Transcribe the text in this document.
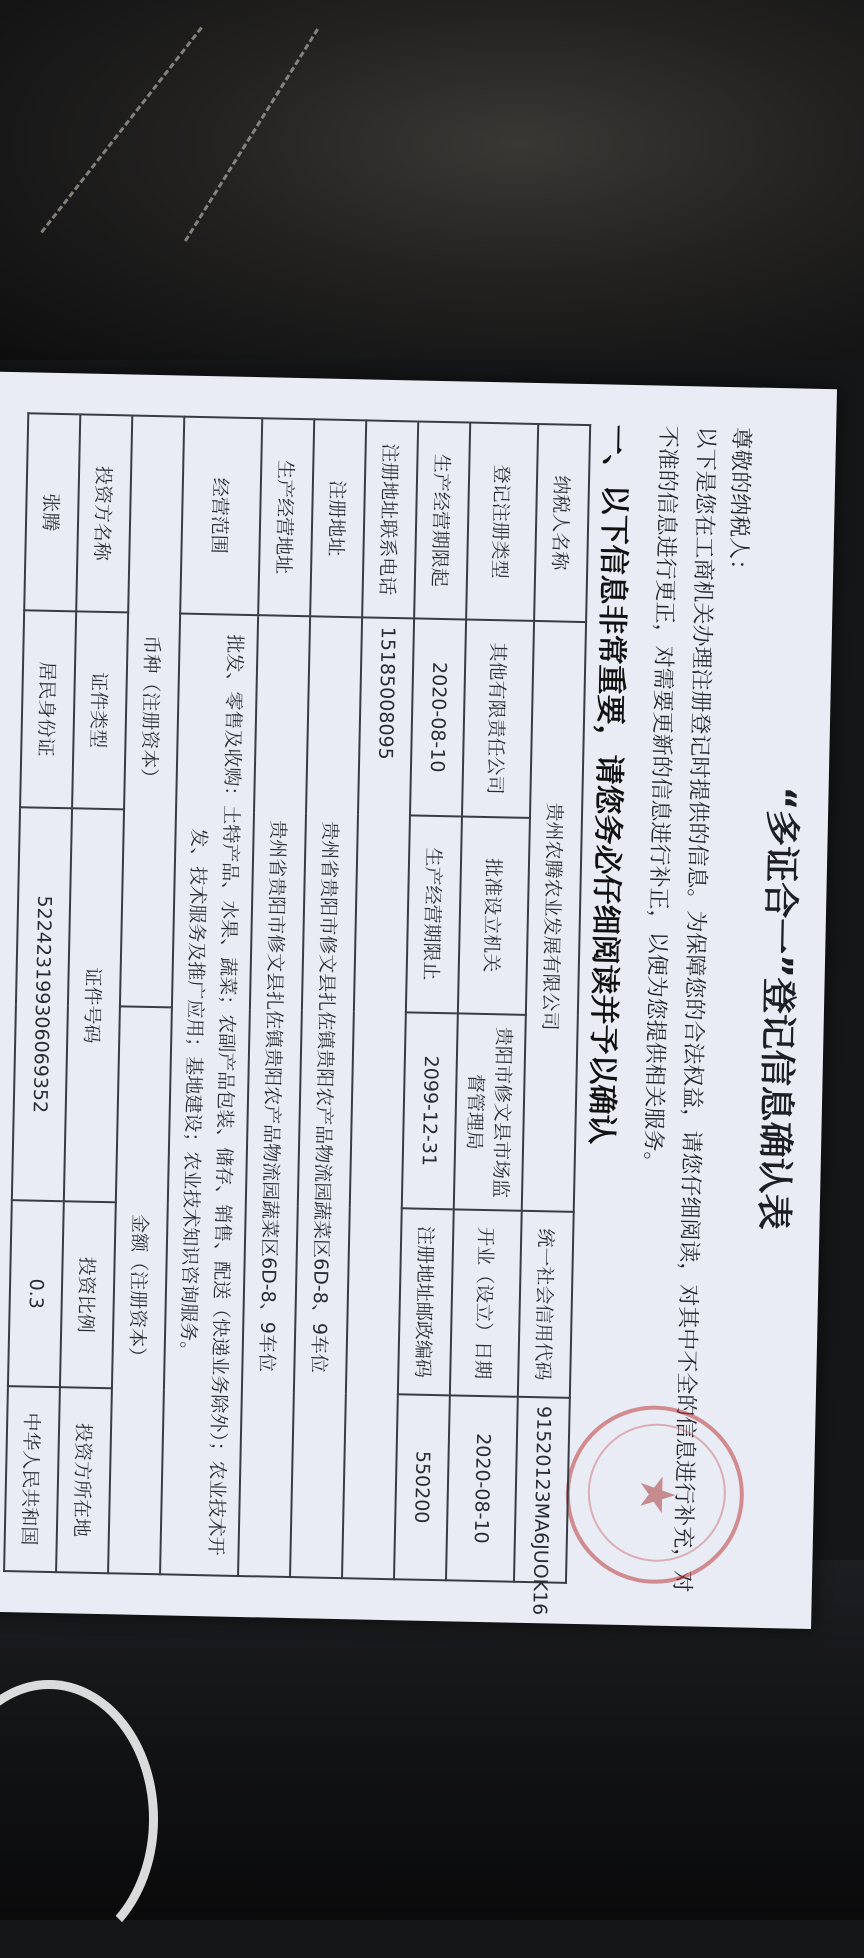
“多证合一”登记信息确认表
尊敬的纳税人：
以下是您在工商机关办理注册登记时提供的信息。为保障您的合法权益，请您仔细阅读，对其中不全的信息进行补充，对不准的信息进行更正，对需要更新的信息进行补正，以便为您提供相关服务。
一、以下信息非常重要，请您务必仔细阅读并予以确认
★
纳税人名称	贵州农腾农业发展有限公司			统一社会信用代码	91520123MA6JUOK16
登记注册类型	其他有限责任公司	批准设立机关	贵阳市修文县市场监督管理局	开业（设立）日期	2020-08-10
生产经营期限起	2020-08-10	生产经营期限止	2099-12-31	注册地址邮政编码	550200
注册地址联系电话	15185008095				
注册地址	贵州省贵阳市修文县扎佐镇贵阳农产品物流园蔬菜区6D-8、9车位				
生产经营地址	贵州省贵阳市修文县扎佐镇贵阳农产品物流园蔬菜区6D-8、9车位				
经营范围	批发、零售及收购：土特产品、水果、蔬菜；农副产品包装、储存、销售、配送（快递业务除外）；农业技术开发、技术服务及推广应用；基地建设；农业技术知识咨询服务。				
币种（注册资本）			金额（注册资本）		
投资方名称	证件类型	证件号码		投资比例	投资方所在地
张腾	居民身份证	522423199306069352		0.3	中华人民共和国
